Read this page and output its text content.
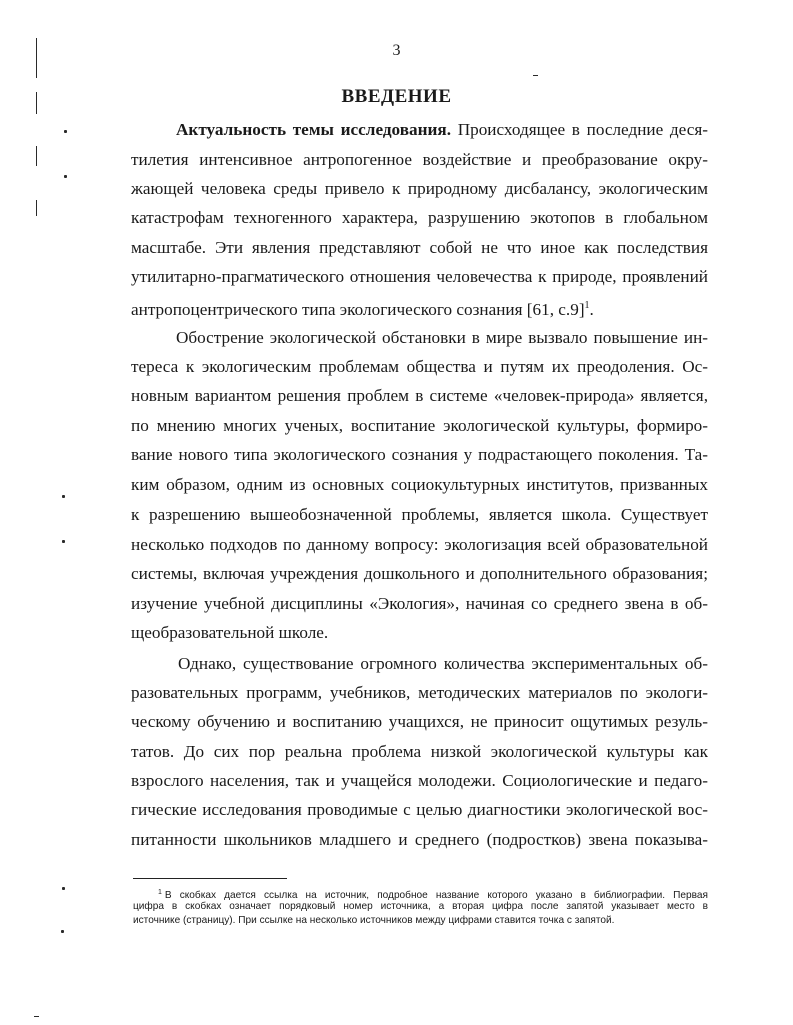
3
ВВЕДЕНИЕ
Актуальность темы исследования. Происходящее в последние деся-
тилетия интенсивное антропогенное воздействие и преобразование окру-
жающей человека среды привело к природному дисбалансу, экологическим
катастрофам техногенного характера, разрушению экотопов в глобальном
масштабе. Эти явления представляют собой не что иное как последствия
утилитарно-прагматического отношения человечества к природе, проявлений
антропоцентрического типа экологического сознания [61, с.9]$^1$.
Обострение экологической обстановки в мире вызвало повышение ин-
тереса к экологическим проблемам общества и путям их преодоления. Ос-
новным вариантом решения проблем в системе «человек-природа» является,
по мнению многих ученых, воспитание экологической культуры, формиро-
вание нового типа экологического сознания у подрастающего поколения. Та-
ким образом, одним из основных социокультурных институтов, призванных
к разрешению вышеобозначенной проблемы, является школа. Существует
несколько подходов по данному вопросу: экологизация всей образовательной
системы, включая учреждения дошкольного и дополнительного образования;
изучение учебной дисциплины «Экология», начиная со среднего звена в об-
щеобразовательной школе.
Однако, существование огромного количества экспериментальных об-
разовательных программ, учебников, методических материалов по экологи-
ческому обучению и воспитанию учащихся, не приносит ощутимых резуль-
татов. До сих пор реальна проблема низкой экологической культуры как
взрослого населения, так и учащейся молодежи. Социологические и педаго-
гические исследования проводимые с целью диагностики экологической вос-
питанности школьников младшего и среднего (подростков) звена показыва-
$^1$ В скобках дается ссылка на источник, подробное название которого указано в библиографии. Первая
цифра в скобках означает порядковый номер источника, а вторая цифра после запятой указывает место в
источнике (страницу). При ссылке на несколько источников между цифрами ставится точка с запятой.
